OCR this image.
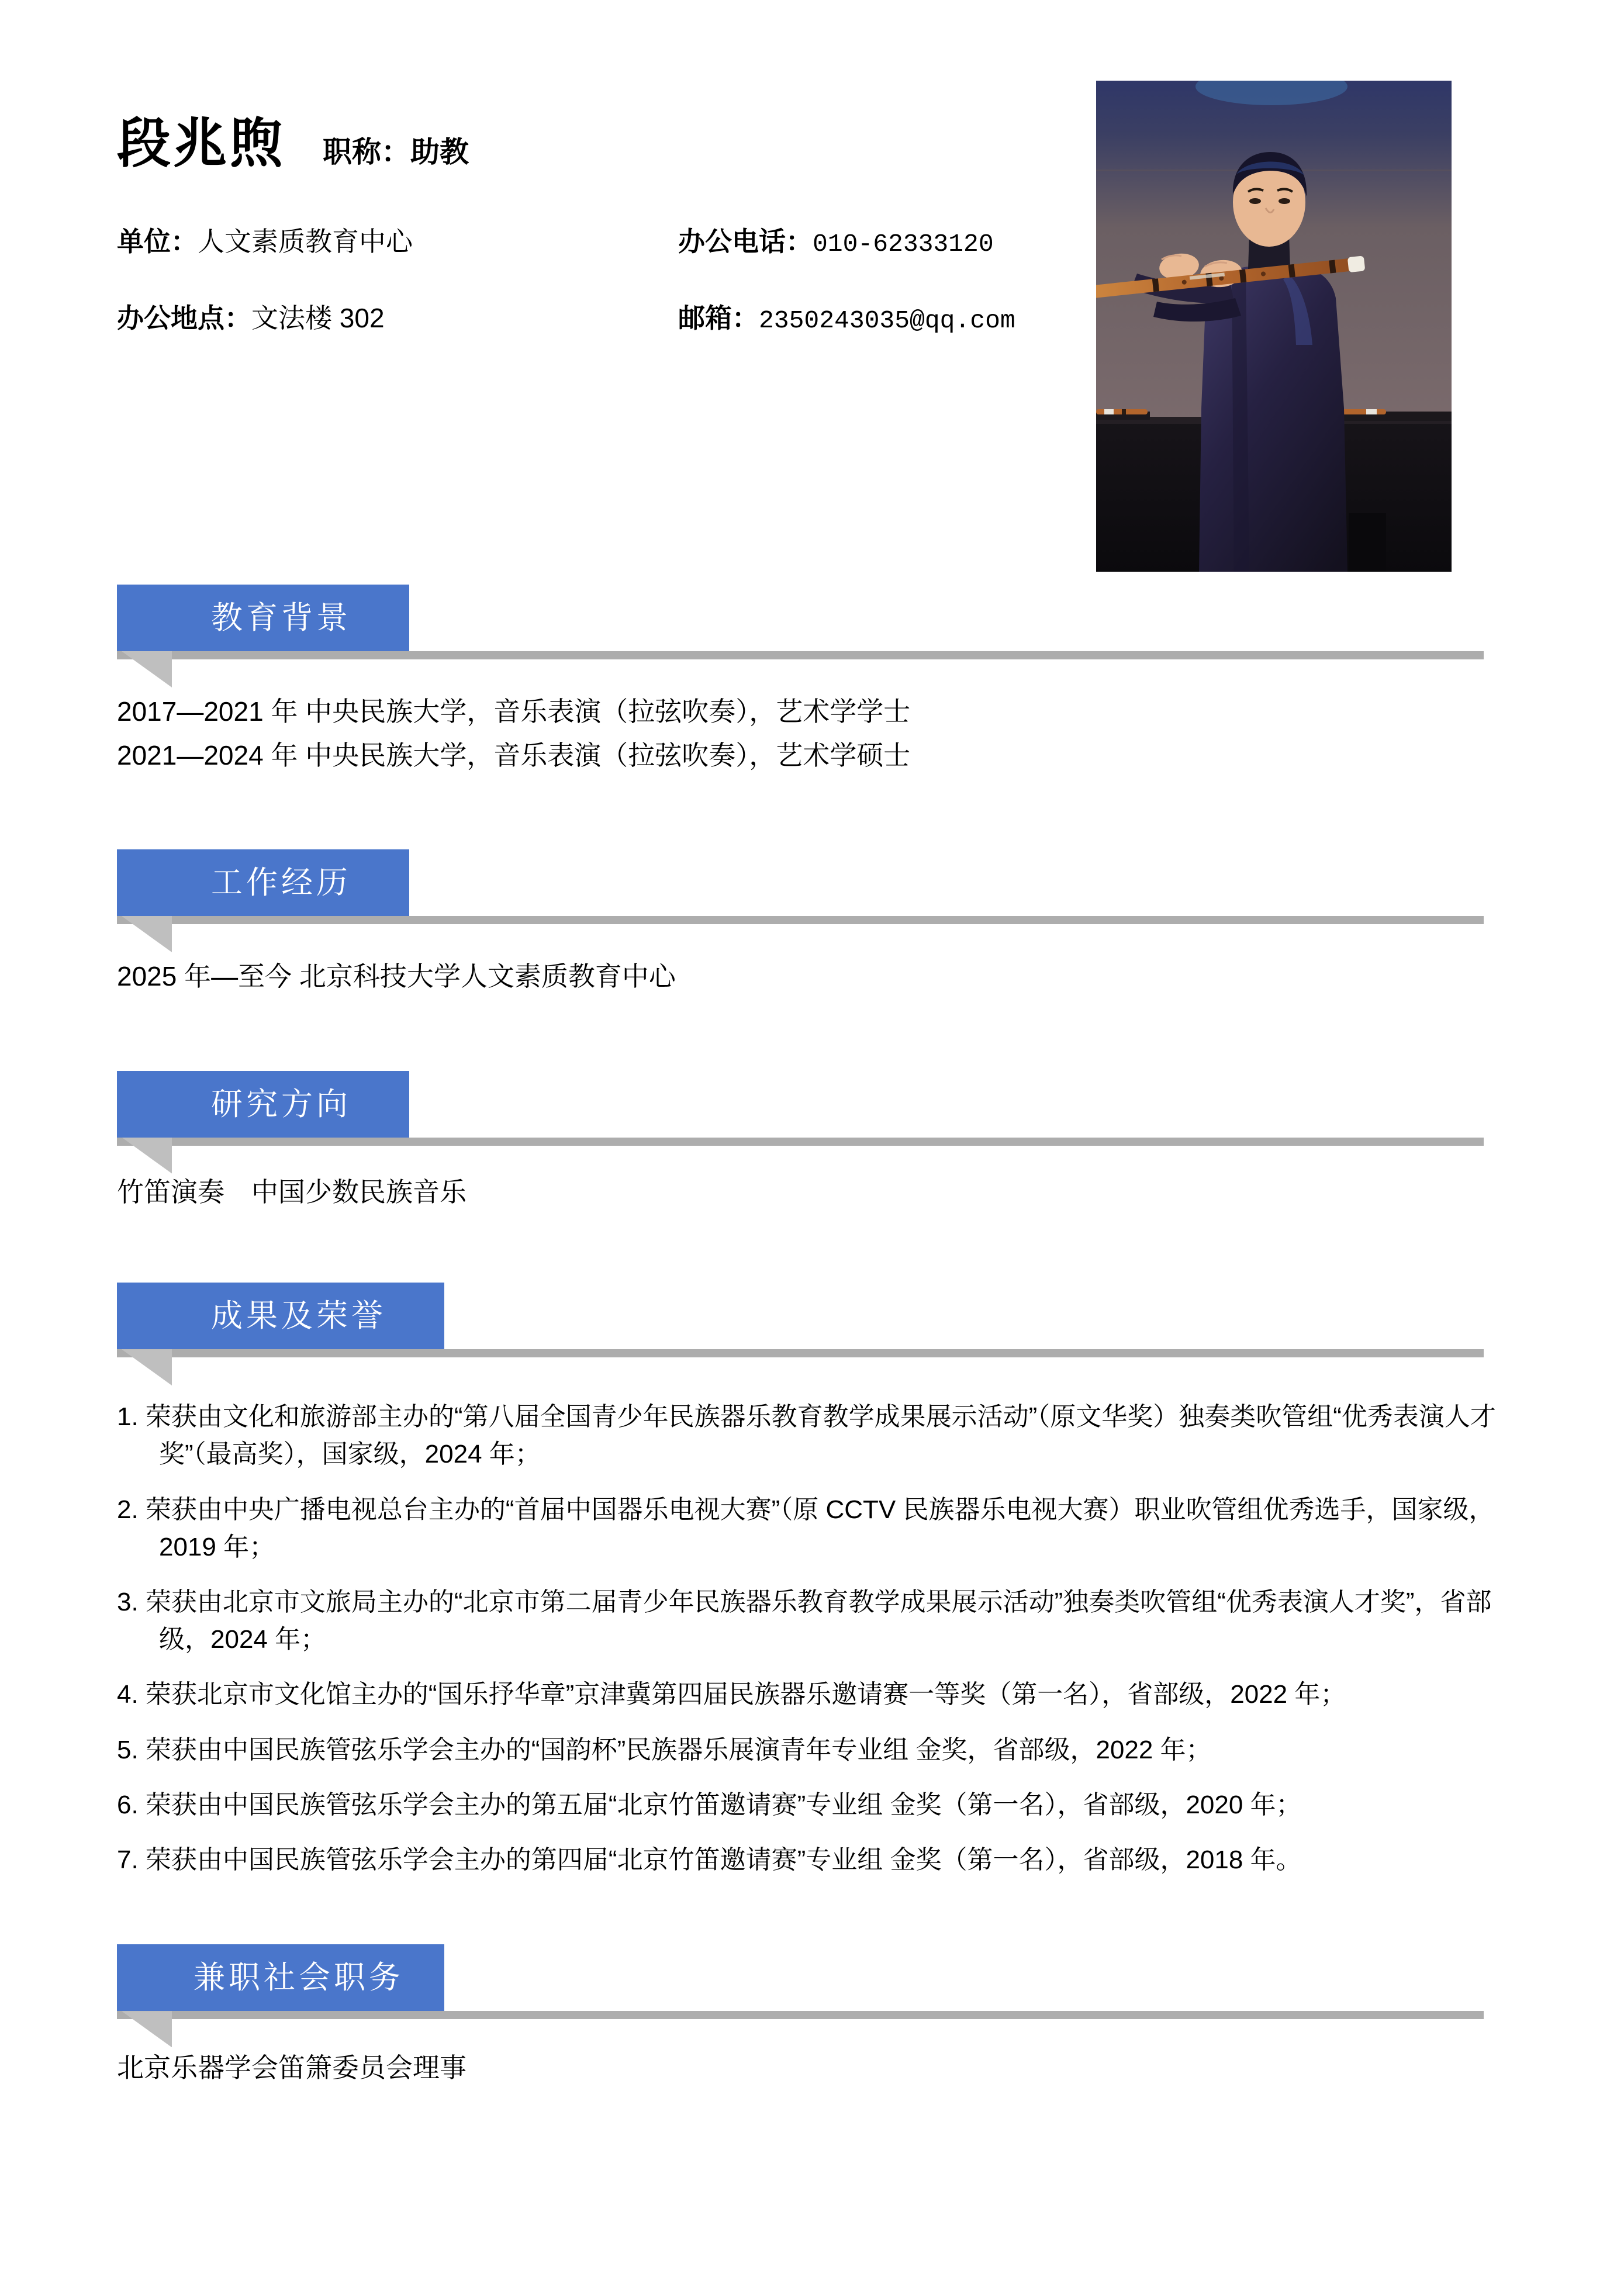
段兆煦 职称：助教
单位：人文素质教育中心	办公电话：010-62333120
办公地点：文法楼 302	邮箱：2350243035@qq.com
教育背景
2017—2021 年 中央民族大学，音乐表演（拉弦吹奏），艺术学学士
2021—2024 年 中央民族大学，音乐表演（拉弦吹奏），艺术学硕士
工作经历
2025 年—至今 北京科技大学人文素质教育中心
研究方向
竹笛演奏　中国少数民族音乐
成果及荣誉
1. 荣获由文化和旅游部主办的“第八届全国青少年民族器乐教育教学成果展示活动”（原文华奖）独奏类吹管组“优秀表演人才奖”（最高奖），国家级，2024 年；
2. 荣获由中央广播电视总台主办的“首届中国器乐电视大赛”（原 CCTV 民族器乐电视大赛）职业吹管组优秀选手，国家级，2019 年；
3. 荣获由北京市文旅局主办的“北京市第二届青少年民族器乐教育教学成果展示活动”独奏类吹管组“优秀表演人才奖”，省部级，2024 年；
4. 荣获北京市文化馆主办的“国乐抒华章”京津冀第四届民族器乐邀请赛一等奖（第一名），省部级，2022 年；
5. 荣获由中国民族管弦乐学会主办的“国韵杯”民族器乐展演青年专业组 金奖，省部级，2022 年；
6. 荣获由中国民族管弦乐学会主办的第五届“北京竹笛邀请赛”专业组 金奖（第一名），省部级，2020 年；
7. 荣获由中国民族管弦乐学会主办的第四届“北京竹笛邀请赛”专业组 金奖（第一名），省部级，2018 年。
兼职社会职务
北京乐器学会笛箫委员会理事
